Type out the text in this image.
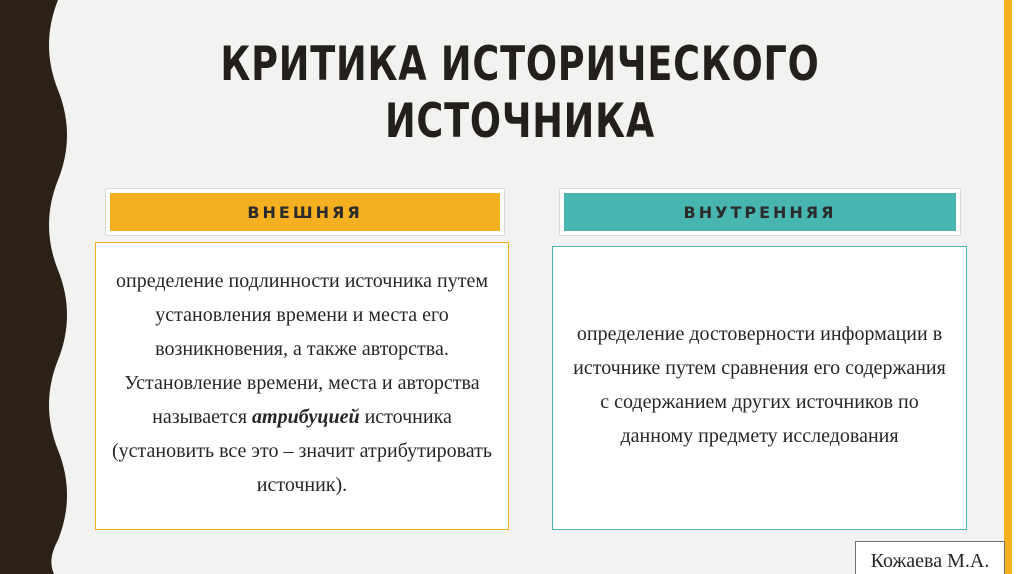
КРИТИКА ИСТОРИЧЕСКОГО
ИСТОЧНИКА
ВНЕШНЯЯ	ВНУТРЕННЯЯ

определение подлинности источника путем установления времени и места его возникновения, а также авторства. Установление времени, места и авторства называется атрибуцией источника (установить все это – значит атрибутировать источник).

определение достоверности информации в источнике путем сравнения его содержания с содержанием других источников по данному предмету исследования

Кожаева М.А.
